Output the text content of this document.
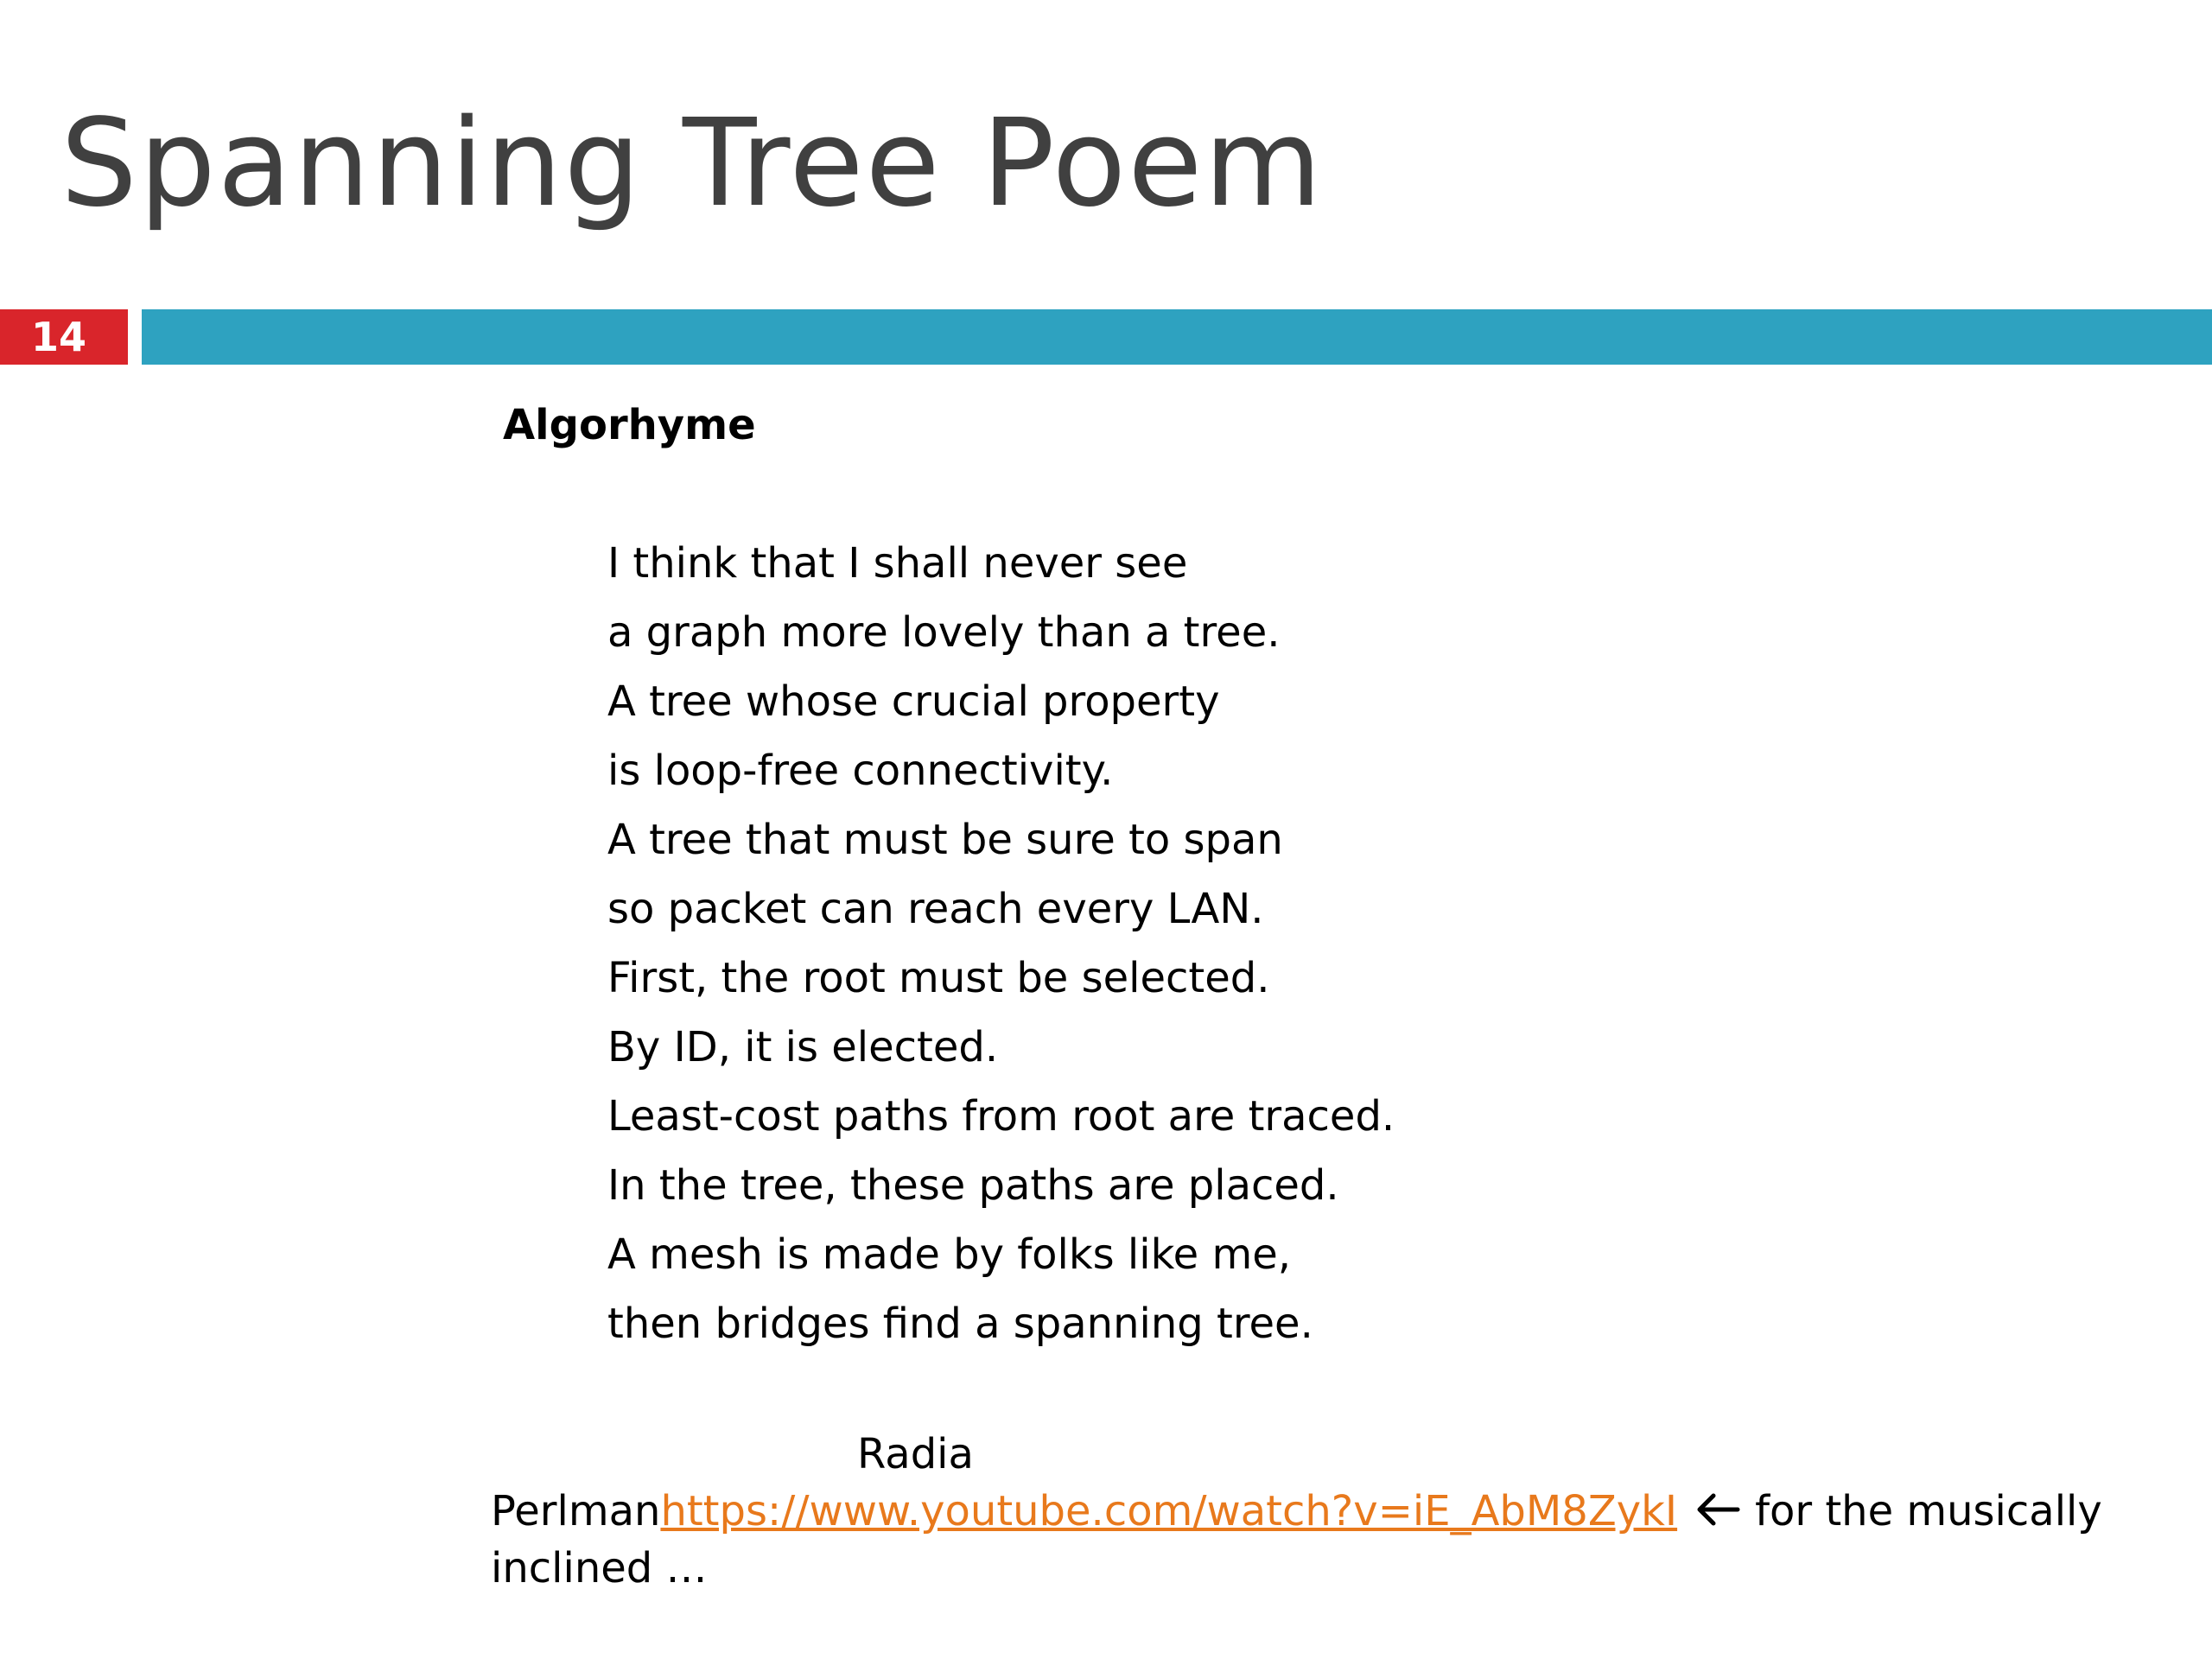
Spanning Tree Poem
14
Algorhyme
I think that I shall never see
a graph more lovely than a tree.
A tree whose crucial property
is loop-free connectivity.
A tree that must be sure to span
so packet can reach every LAN.
First, the root must be selected.
By ID, it is elected.
Least-cost paths from root are traced.
In the tree, these paths are placed.
A mesh is made by folks like me,
then bridges find a spanning tree.
Radia
Perlmanhttps://www.youtube.com/watch?v=iE_AbM8ZykI for the musically
inclined …
